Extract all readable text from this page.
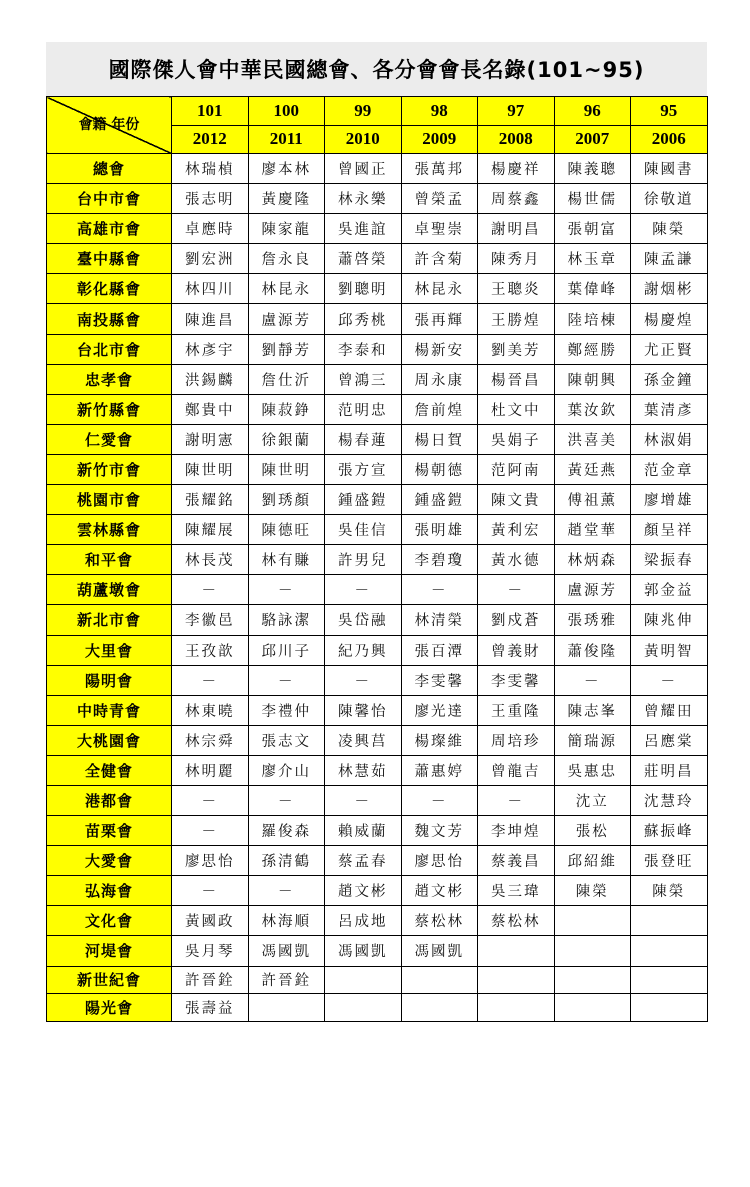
國際傑人會中華民國總會、各分會會長名錄(101~95)
會籍 年份	101	100	99	98	97	96	95
	2012	2011	2010	2009	2008	2007	2006
總會	林瑞楨	廖本林	曾國正	張萬邦	楊慶祥	陳義聰	陳國書
台中市會	張志明	黃慶隆	林永樂	曾榮孟	周蔡鑫	楊世儒	徐敬道
高雄市會	卓應時	陳家龍	吳進誼	卓聖崇	謝明昌	張朝富	陳榮
臺中縣會	劉宏洲	詹永良	蕭啓榮	許含菊	陳秀月	林玉章	陳孟謙
彰化縣會	林四川	林昆永	劉聰明	林昆永	王聰炎	葉偉峰	謝烟彬
南投縣會	陳進昌	盧源芳	邱秀桃	張再輝	王勝煌	陸培棟	楊慶煌
台北市會	林彥宇	劉靜芳	李泰和	楊新安	劉美芳	鄭經勝	尤正賢
忠孝會	洪錫麟	詹仕沂	曾鴻三	周永康	楊晉昌	陳朝興	孫金鐘
新竹縣會	鄭貴中	陳菽錚	范明忠	詹前煌	杜文中	葉汝欽	葉清彥
仁愛會	謝明憲	徐銀蘭	楊春蓮	楊日賀	吳娟子	洪喜美	林淑娟
新竹市會	陳世明	陳世明	張方宣	楊朝德	范阿南	黃廷燕	范金章
桃園市會	張耀銘	劉琇顏	鍾盛鎧	鍾盛鎧	陳文貴	傅祖薰	廖增雄
雲林縣會	陳耀展	陳德旺	吳佳信	張明雄	黃利宏	趙堂華	顏呈祥
和平會	林長茂	林有賺	許男兒	李碧瓊	黃水德	林炳森	梁振春
葫蘆墩會	－	－	－	－	－	盧源芳	郭金益
新北市會	李徽邑	駱詠潔	吳岱融	林清榮	劉戍蒼	張琇雅	陳兆伸
大里會	王孜歆	邱川子	紀乃興	張百潭	曾義財	蕭俊隆	黃明智
陽明會	－	－	－	李雯馨	李雯馨	－	－
中時青會	林東曉	李禮仲	陳馨怡	廖光達	王重隆	陳志峯	曾耀田
大桃園會	林宗舜	張志文	凌興莒	楊璨維	周培珍	簡瑞源	呂應棠
全健會	林明麗	廖介山	林慧茹	蕭惠婷	曾龍吉	吳惠忠	莊明昌
港都會	－	－	－	－	－	沈立	沈慧玲
苗栗會	－	羅俊森	賴威蘭	魏文芳	李坤煌	張松	蘇振峰
大愛會	廖思怡	孫清鶴	蔡孟春	廖思怡	蔡義昌	邱紹維	張登旺
弘海會	－	－	趙文彬	趙文彬	吳三瑋	陳榮	陳榮
文化會	黃國政	林海順	呂成地	蔡松林	蔡松林		
河堤會	吳月琴	馮國凱	馮國凱	馮國凱			
新世紀會	許晉銓	許晉銓					
陽光會	張壽益						
